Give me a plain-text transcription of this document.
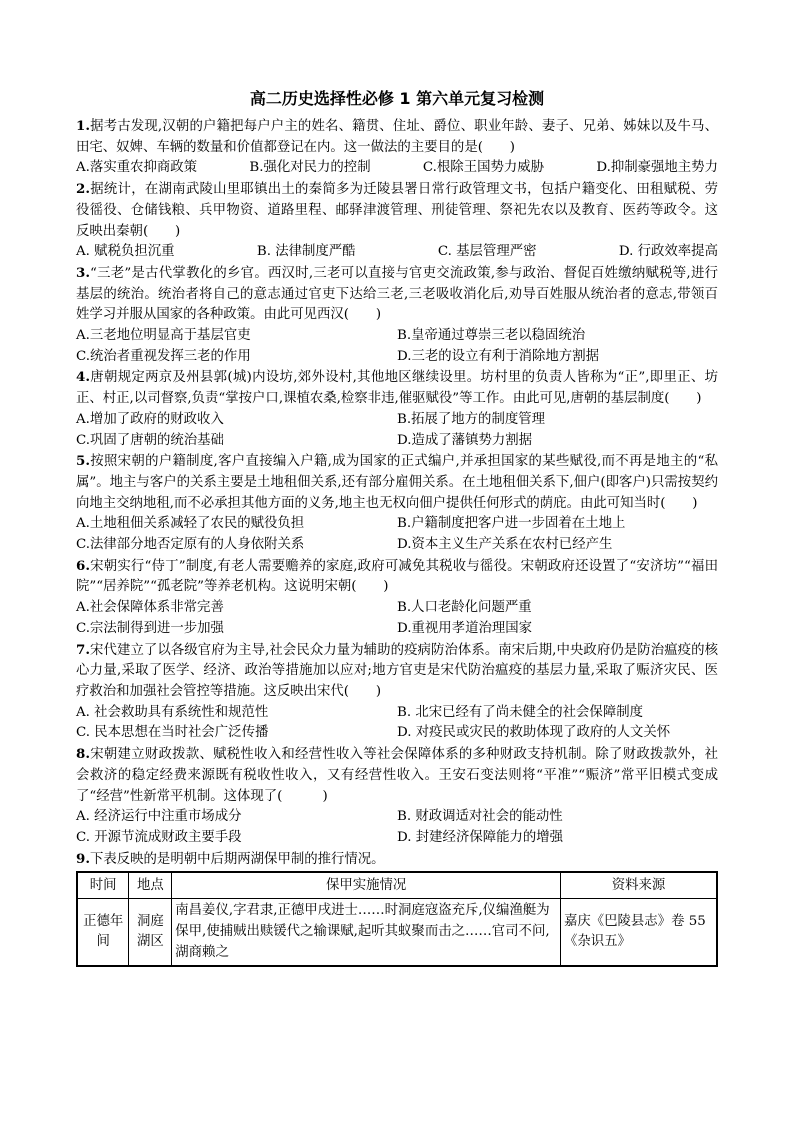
高二历史选择性必修 1 第六单元复习检测

1.据考古发现,汉朝的户籍把每户户主的姓名、籍贯、住址、爵位、职业年龄、妻子、兄弟、姊妹以及牛马、田宅、奴婢、车辆的数量和价值都登记在内。这一做法的主要目的是(　　)

A.落实重农抑商政策	B.强化对民力的控制	C.根除王国势力威胁	D.抑制豪强地主势力

2.据统计，在湖南武陵山里耶镇出土的秦简多为迁陵县署日常行政管理文书，包括户籍变化、田租赋税、劳役徭役、仓储钱粮、兵甲物资、道路里程、邮驿津渡管理、刑徒管理、祭祀先农以及教育、医药等政令。这反映出秦朝(　　)

A. 赋税负担沉重	B. 法律制度严酷	C. 基层管理严密	D. 行政效率提高

3.“三老”是古代掌教化的乡官。西汉时,三老可以直接与官吏交流政策,参与政治、督促百姓缴纳赋税等,进行基层的统治。统治者将自己的意志通过官吏下达给三老,三老吸收消化后,劝导百姓服从统治者的意志,带领百姓学习并服从国家的各种政策。由此可见西汉(　　)

A.三老地位明显高于基层官吏	B.皇帝通过尊崇三老以稳固统治
C.统治者重视发挥三老的作用	D.三老的设立有利于消除地方割据

4.唐朝规定两京及州县郭(城)内设坊,郊外设村,其他地区继续设里。坊村里的负责人皆称为“正”,即里正、坊正、村正,以司督察,负责“掌按户口,课植农桑,检察非违,催驱赋役”等工作。由此可见,唐朝的基层制度(　　)

A.增加了政府的财政收入	B.拓展了地方的制度管理
C.巩固了唐朝的统治基础	D.造成了藩镇势力割据

5.按照宋朝的户籍制度,客户直接编入户籍,成为国家的正式编户,并承担国家的某些赋役,而不再是地主的“私属”。地主与客户的关系主要是土地租佃关系,还有部分雇佣关系。在土地租佃关系下,佃户(即客户)只需按契约向地主交纳地租,而不必承担其他方面的义务,地主也无权向佃户提供任何形式的荫庇。由此可知当时(　　)

A.土地租佃关系减轻了农民的赋役负担	B.户籍制度把客户进一步固着在土地上
C.法律部分地否定原有的人身依附关系	D.资本主义生产关系在农村已经产生

6.宋朝实行“侍丁”制度,有老人需要赡养的家庭,政府可减免其税收与徭役。宋朝政府还设置了“安济坊”“福田院”“居养院”“孤老院”等养老机构。这说明宋朝(　　)

A.社会保障体系非常完善	B.人口老龄化问题严重
C.宗法制得到进一步加强	D.重视用孝道治理国家

7.宋代建立了以各级官府为主导,社会民众力量为辅助的疫病防治体系。南宋后期,中央政府仍是防治瘟疫的核心力量,采取了医学、经济、政治等措施加以应对;地方官吏是宋代防治瘟疫的基层力量,采取了赈济灾民、医疗救治和加强社会管控等措施。这反映出宋代(　　)

A. 社会救助具有系统性和规范性	B. 北宋已经有了尚未健全的社会保障制度
C. 民本思想在当时社会广泛传播	D. 对疫民或灾民的救助体现了政府的人文关怀

8.宋朝建立财政拨款、赋税性收入和经营性收入等社会保障体系的多种财政支持机制。除了财政拨款外，社会救济的稳定经费来源既有税收性收入，又有经营性收入。王安石变法则将“平准”“赈济”常平旧模式变成了“经营”性新常平机制。这体现了(　　　)

A. 经济运行中注重市场成分	B. 财政调适对社会的能动性
C. 开源节流成财政主要手段	D. 封建经济保障能力的增强

9.下表反映的是明朝中后期两湖保甲制的推行情况。

时间	地点	保甲实施情况	资料来源
正德年间	洞庭湖区	南昌姜仪,字君隶,正德甲戌进士……时洞庭寇盗充斥,仪编渔艇为保甲,使捕贼出赎锾代之输课赋,起听其蚁聚而击之……官司不问,湖商赖之	嘉庆《巴陵县志》卷 55《杂识五》
